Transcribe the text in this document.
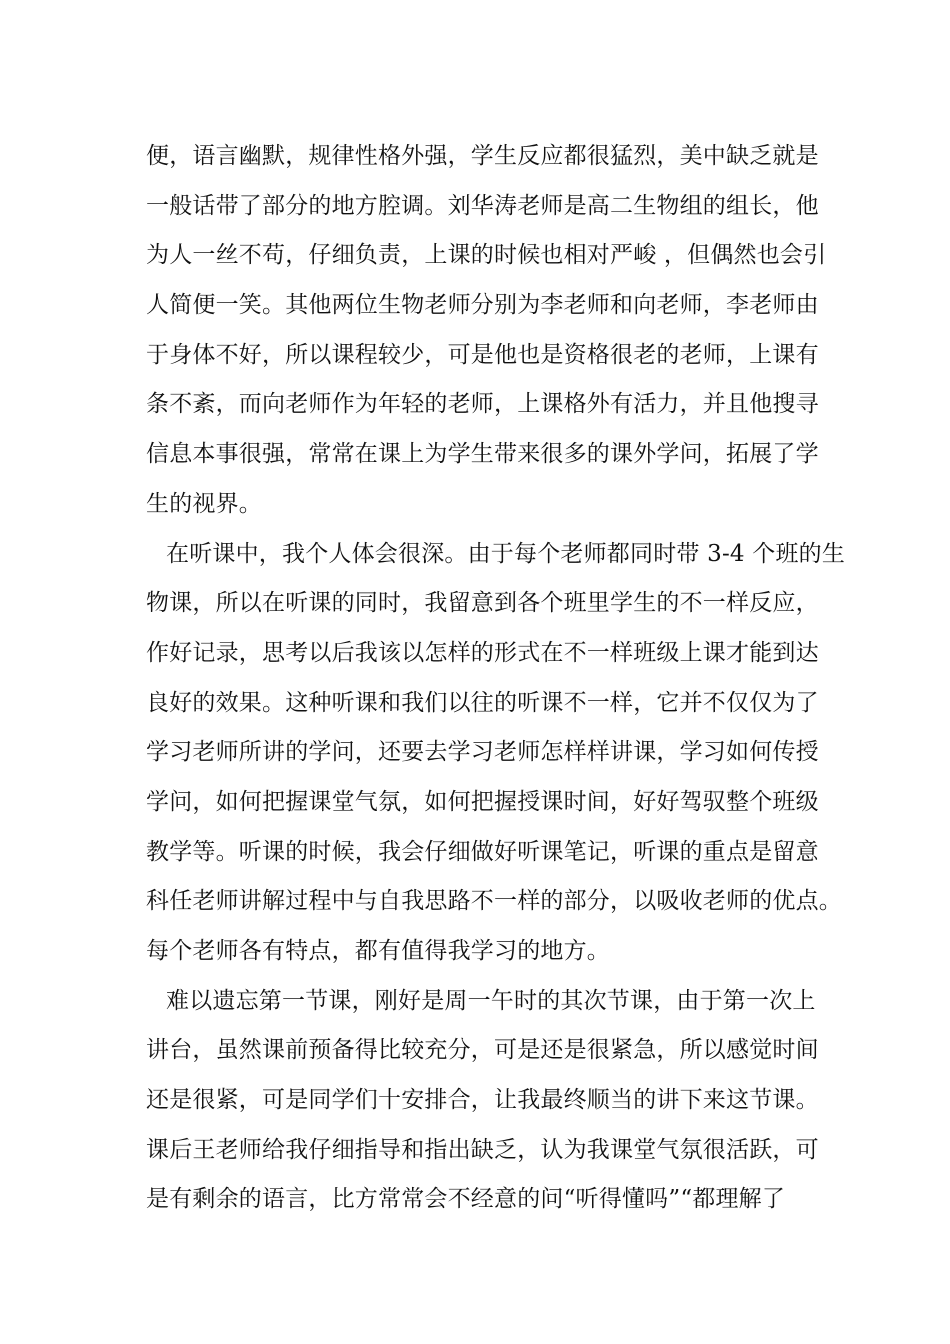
便，语言幽默，规律性格外强，学生反应都很猛烈，美中缺乏就是
一般话带了部分的地方腔调。刘华涛老师是高二生物组的组长，他
为人一丝不苟，仔细负责，上课的时候也相对严峻 ，但偶然也会引
人简便一笑。其他两位生物老师分别为李老师和向老师，李老师由
于身体不好，所以课程较少，可是他也是资格很老的老师，上课有
条不紊，而向老师作为年轻的老师，上课格外有活力，并且他搜寻
信息本事很强，常常在课上为学生带来很多的课外学问，拓展了学
生的视界。
在听课中，我个人体会很深。由于每个老师都同时带 3-4 个班的生
物课，所以在听课的同时，我留意到各个班里学生的不一样反应，
作好记录，思考以后我该以怎样的形式在不一样班级上课才能到达
良好的效果。这种听课和我们以往的听课不一样，它并不仅仅为了
学习老师所讲的学问，还要去学习老师怎样样讲课，学习如何传授
学问，如何把握课堂气氛，如何把握授课时间，好好驾驭整个班级
教学等。听课的时候，我会仔细做好听课笔记，听课的重点是留意
科任老师讲解过程中与自我思路不一样的部分，以吸收老师的优点。
每个老师各有特点，都有值得我学习的地方。
难以遗忘第一节课，刚好是周一午时的其次节课，由于第一次上
讲台，虽然课前预备得比较充分，可是还是很紧急，所以感觉时间
还是很紧，可是同学们十安排合，让我最终顺当的讲下来这节课。
课后王老师给我仔细指导和指出缺乏，认为我课堂气氛很活跃，可
是有剩余的语言，比方常常会不经意的问“听得懂吗”“都理解了
